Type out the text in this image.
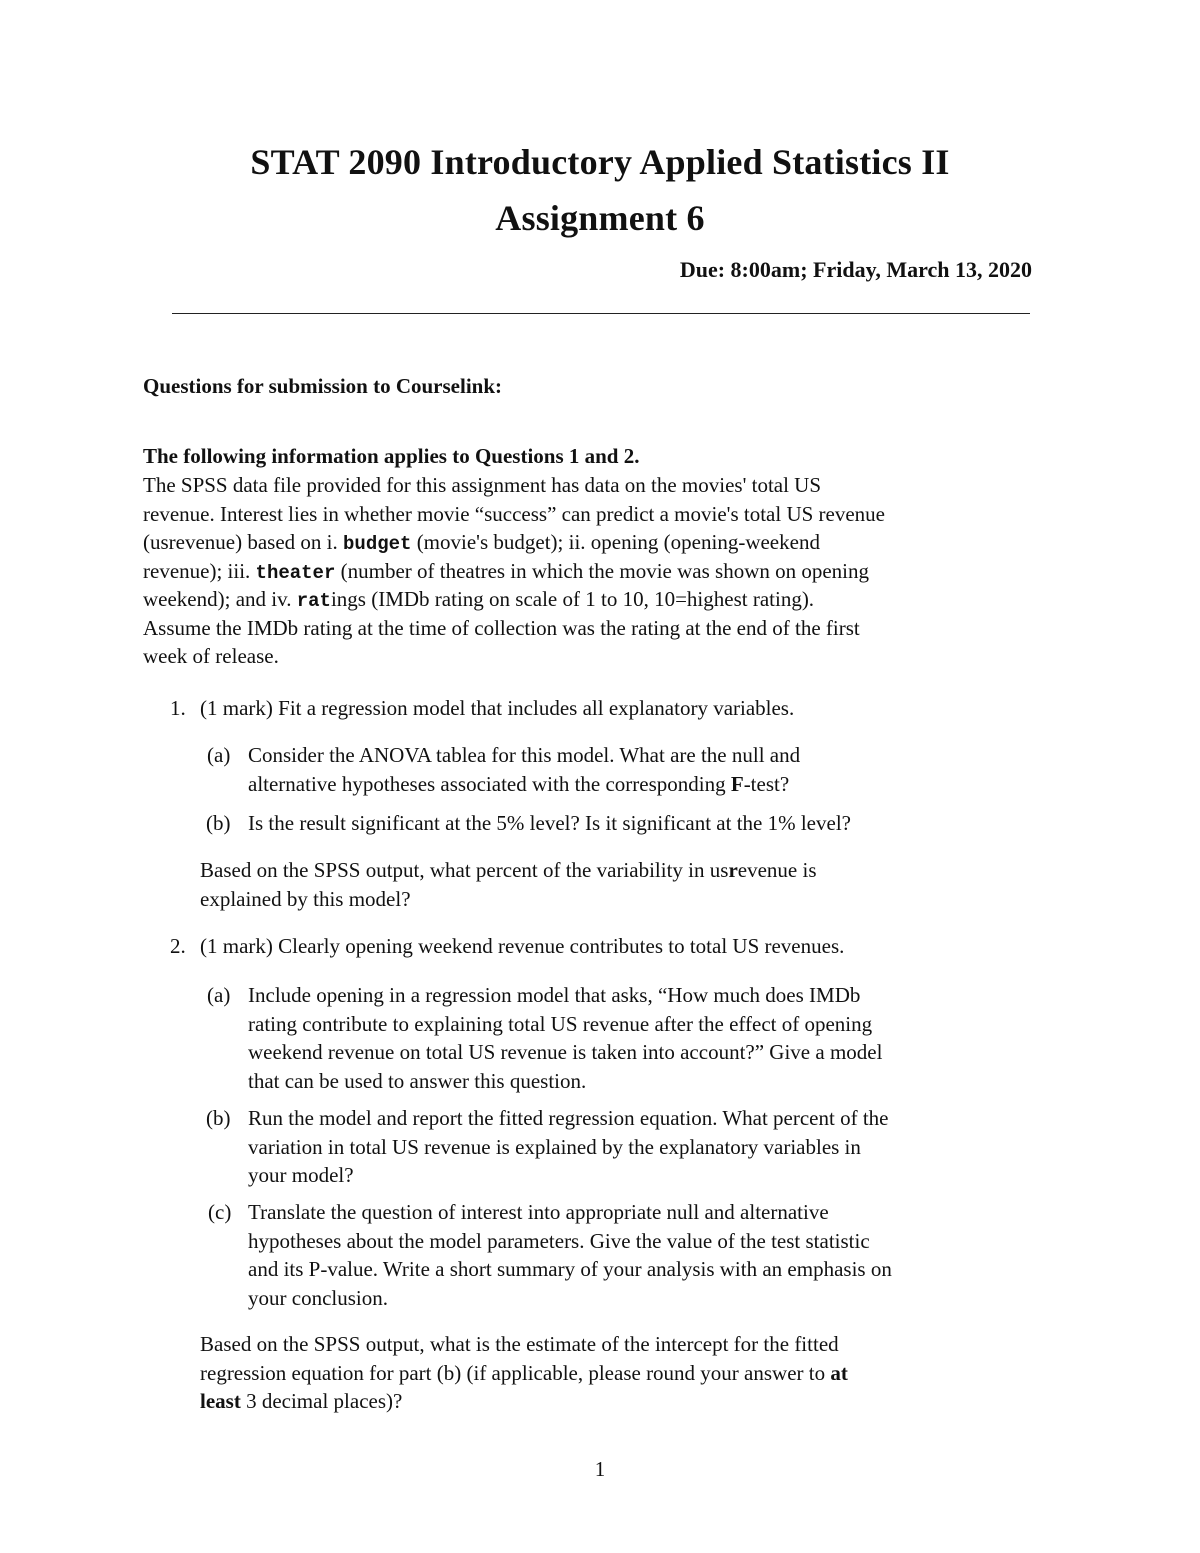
STAT 2090 Introductory Applied Statistics II
Assignment 6
Due: 8:00am; Friday, March 13, 2020
Questions for submission to Courselink:
The following information applies to Questions 1 and 2.
The SPSS data file provided for this assignment has data on the movies' total US
revenue. Interest lies in whether movie “success” can predict a movie's total US revenue
(usrevenue) based on i. budget (movie's budget); ii. opening (opening-weekend
revenue); iii. theater (number of theatres in which the movie was shown on opening
weekend); and iv. ratings (IMDb rating on scale of 1 to 10, 10=highest rating).
Assume the IMDb rating at the time of collection was the rating at the end of the first
week of release.
1. (1 mark) Fit a regression model that includes all explanatory variables.
(a) Consider the ANOVA tablea for this model. What are the null and
alternative hypotheses associated with the corresponding F-test?
(b) Is the result significant at the 5% level? Is it significant at the 1% level?
Based on the SPSS output, what percent of the variability in usrevenue is
explained by this model?
2. (1 mark) Clearly opening weekend revenue contributes to total US revenues.
(a) Include opening in a regression model that asks, “How much does IMDb
rating contribute to explaining total US revenue after the effect of opening
weekend revenue on total US revenue is taken into account?” Give a model
that can be used to answer this question.
(b) Run the model and report the fitted regression equation. What percent of the
variation in total US revenue is explained by the explanatory variables in
your model?
(c) Translate the question of interest into appropriate null and alternative
hypotheses about the model parameters. Give the value of the test statistic
and its P-value. Write a short summary of your analysis with an emphasis on
your conclusion.
Based on the SPSS output, what is the estimate of the intercept for the fitted
regression equation for part (b) (if applicable, please round your answer to at
least 3 decimal places)?
1
